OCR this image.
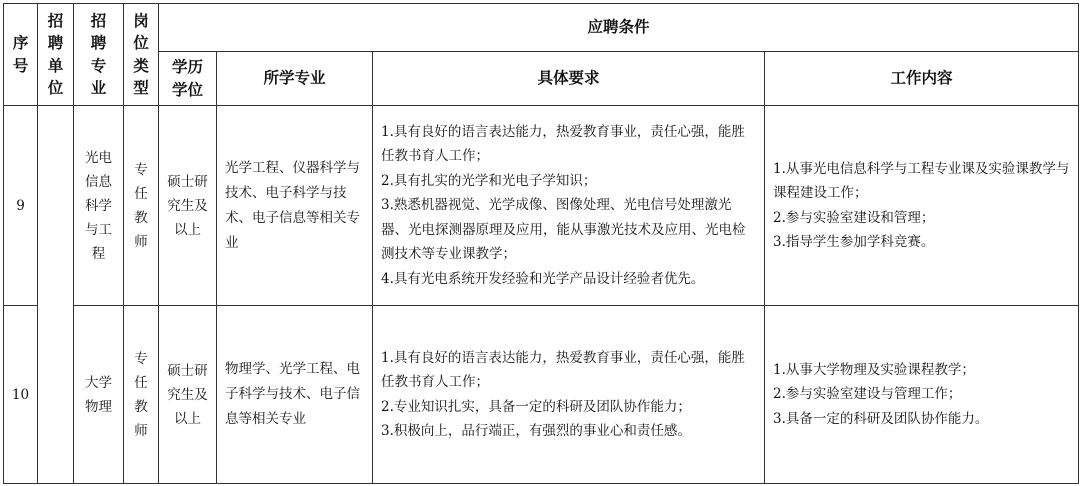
序号	招聘单位	招聘专业	岗位类型	应聘条件			
				学历学位	所学专业	具体要求	工作内容
9		光电信息科学与工程	专任教师	硕士研究生及以上	光学工程、仪器科学与技术、电子科学与技术、电子信息等相关专业	1.具有良好的语言表达能力，热爱教育事业，责任心强，能胜任教书育人工作；
2.具有扎实的光学和光电子学知识；
3.熟悉机器视觉、光学成像、图像处理、光电信号处理激光器、光电探测器原理及应用，能从事激光技术及应用、光电检测技术等专业课教学；
4.具有光电系统开发经验和光学产品设计经验者优先。	1.从事光电信息科学与工程专业课及实验课教学与课程建设工作；
2.参与实验室建设和管理；
3.指导学生参加学科竞赛。

10		大学物理	专任教师	硕士研究生及以上	物理学、光学工程、电子科学与技术、电子信息等相关专业	1.具有良好的语言表达能力，热爱教育事业，责任心强，能胜任教书育人工作；
2.专业知识扎实，具备一定的科研及团队协作能力；
3.积极向上，品行端正，有强烈的事业心和责任感。	1.从事大学物理及实验课程教学；
2.参与实验室建设与管理工作；
3.具备一定的科研及团队协作能力。
